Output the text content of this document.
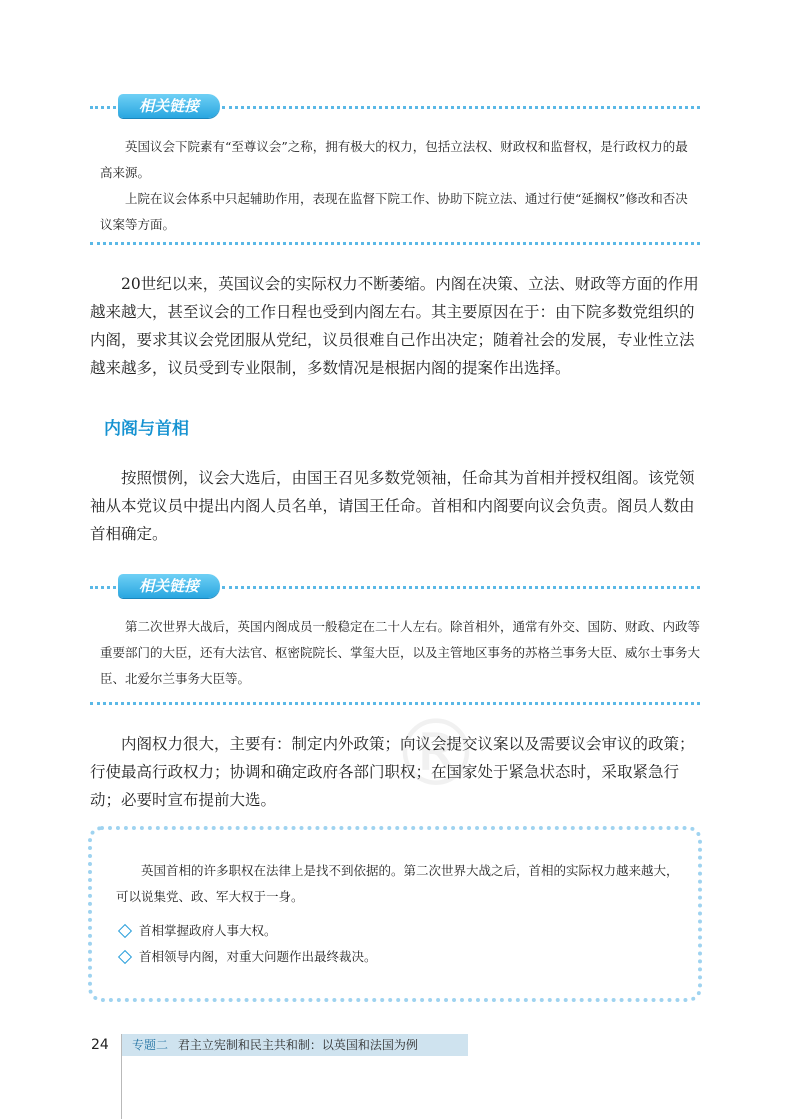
相关链接

英国议会下院素有“至尊议会”之称，拥有极大的权力，包括立法权、财政权和监督权，是行政权力的最高来源。

上院在议会体系中只起辅助作用，表现在监督下院工作、协助下院立法、通过行使“延搁权”修改和否决议案等方面。

20世纪以来，英国议会的实际权力不断萎缩。内阁在决策、立法、财政等方面的作用越来越大，甚至议会的工作日程也受到内阁左右。其主要原因在于：由下院多数党组织的内阁，要求其议会党团服从党纪，议员很难自己作出决定；随着社会的发展，专业性立法越来越多，议员受到专业限制，多数情况是根据内阁的提案作出选择。

内阁与首相

按照惯例，议会大选后，由国王召见多数党领袖，任命其为首相并授权组阁。该党领袖从本党议员中提出内阁人员名单，请国王任命。首相和内阁要向议会负责。阁员人数由首相确定。

相关链接

第二次世界大战后，英国内阁成员一般稳定在二十人左右。除首相外，通常有外交、国防、财政、内政等重要部门的大臣，还有大法官、枢密院院长、掌玺大臣，以及主管地区事务的苏格兰事务大臣、威尔士事务大臣、北爱尔兰事务大臣等。

®

内阁权力很大，主要有：制定内外政策；向议会提交议案以及需要议会审议的政策；行使最高行政权力；协调和确定政府各部门职权；在国家处于紧急状态时，采取紧急行动；必要时宣布提前大选。

英国首相的许多职权在法律上是找不到依据的。第二次世界大战之后，首相的实际权力越来越大，可以说集党、政、军大权于一身。

首相掌握政府人事大权。

首相领导内阁，对重大问题作出最终裁决。

24	专题二 君主立宪制和民主共和制：以英国和法国为例
